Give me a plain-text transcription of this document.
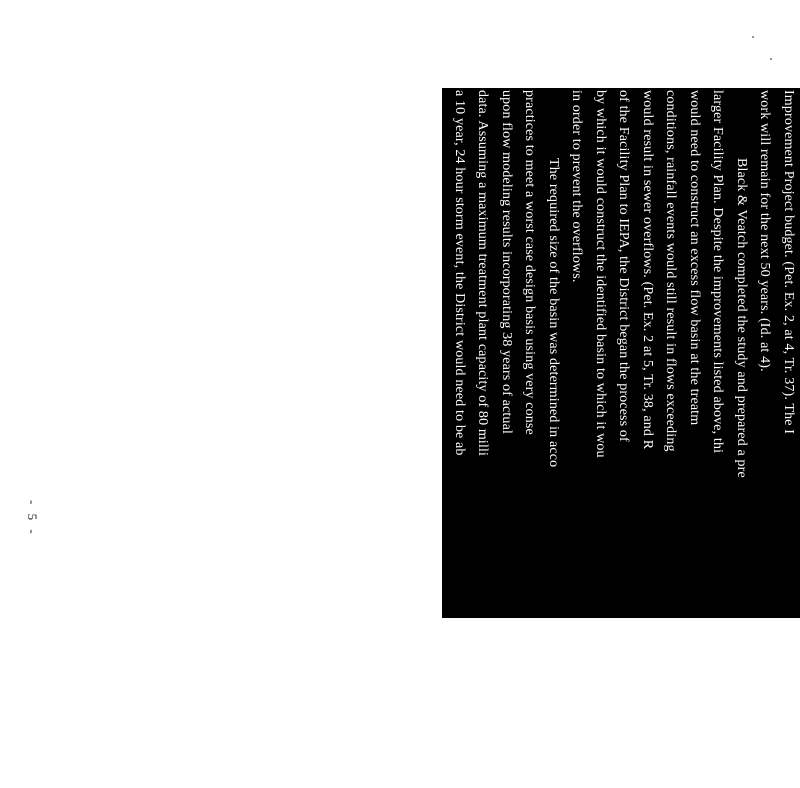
Improvement Project budget. (Pet. Ex. 2, at 4, Tr. 37). The I
work will remain for the next 50 years. (Id. at 4).
Black & Veatch completed the study and prepared a pre
larger Facility Plan. Despite the improvements listed above, thi
would need to construct an excess flow basin at the treatm
conditions, rainfall events would still result in flows exceeding
would result in sewer overflows. (Pet. Ex. 2 at 5, Tr. 38, and R
of the Facility Plan to IEPA, the District began the process of
by which it would construct the identified basin to which it wou
in order to prevent the overflows.
The required size of the basin was determined in acco
practices to meet a worst case design basis using very conse
upon flow modeling results incorporating 38 years of actual
data. Assuming a maximum treatment plant capacity of 80 milli
a 10 year, 24 hour storm event, the District would need to be ab
peak total flow rate of 145.4 MGD. The design storm event w
and require 65.4 MGD excess pumping capacity. The basin wo
one event per year requiring a total of two days during which th
emptied. (Pet. Ex. 2 at 5, Tr. 38-39). Using a 10 year, 24 h
minimum 5 year, 24 hour storm event required by IEPA resulte
MG which was a basin four to five times larger than that whic
storm. (Tr. 55, and R. 105-114). The previous historical actu
reflect the District's ongoing I&I reduction effort, which h
- 5 -
